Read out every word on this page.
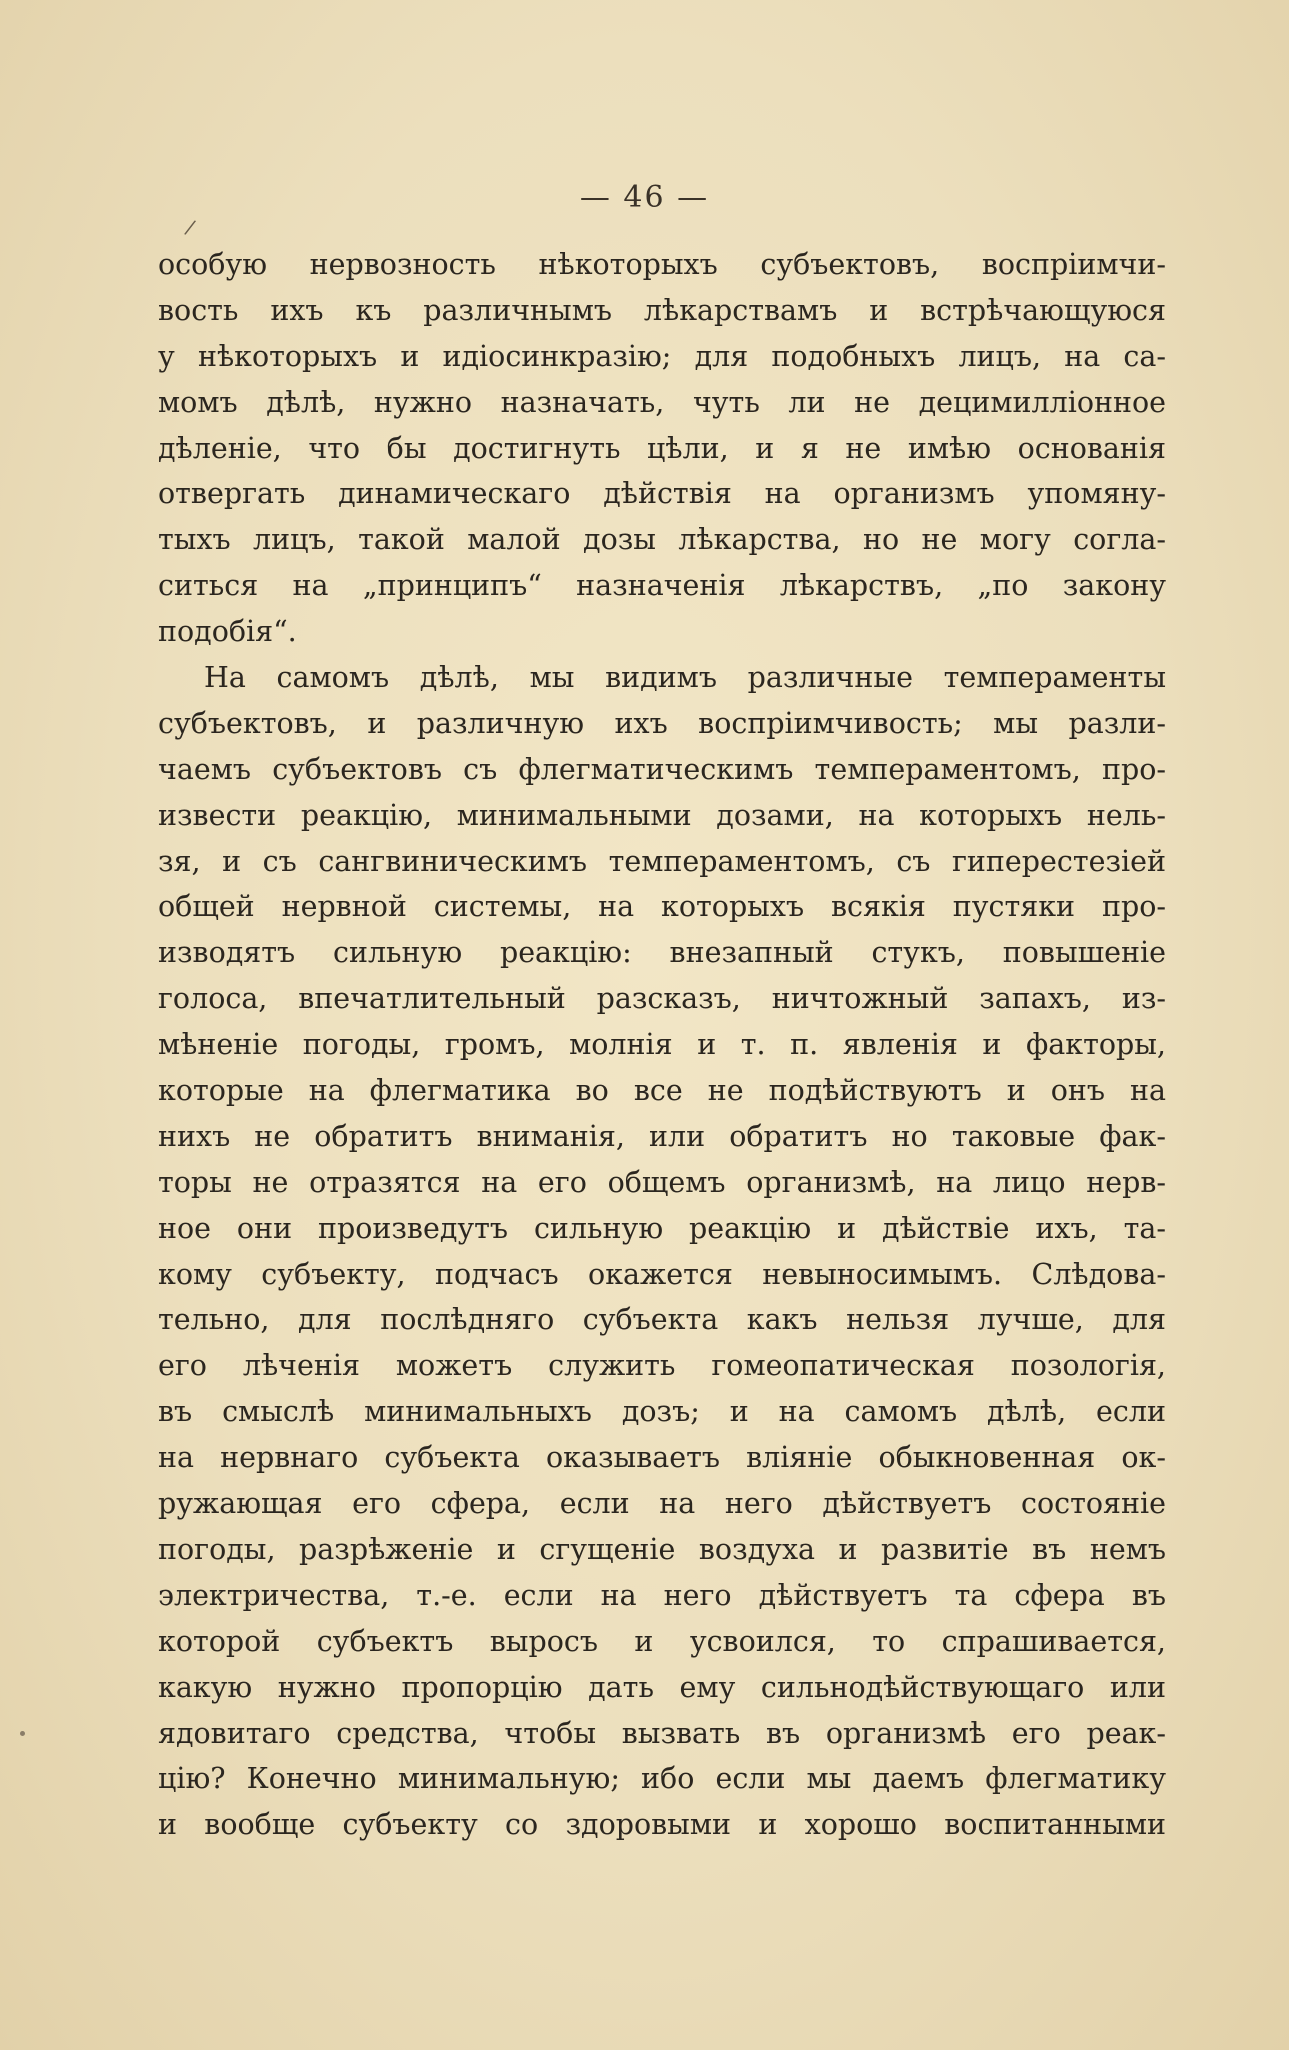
— 46 —
/
особую нервозность нѣкоторыхъ субъектовъ, воспріимчи-
вость ихъ къ различнымъ лѣкарствамъ и встрѣчающуюся
у нѣкоторыхъ и идіосинкразію; для подобныхъ лицъ, на са-
момъ дѣлѣ, нужно назначать, чуть ли не децимилліонное
дѣленіе, что бы достигнуть цѣли, и я не имѣю основанія
отвергать динамическаго дѣйствія на организмъ упомяну-
тыхъ лицъ, такой малой дозы лѣкарства, но не могу согла-
ситься на „принципъ“ назначенія лѣкарствъ, „по закону
подобія“.
На самомъ дѣлѣ, мы видимъ различные темпераменты
субъектовъ, и различную ихъ воспріимчивость; мы разли-
чаемъ субъектовъ съ флегматическимъ темпераментомъ, про-
извести реакцію, минимальными дозами, на которыхъ нель-
зя, и съ сангвиническимъ темпераментомъ, съ гиперестезіей
общей нервной системы, на которыхъ всякія пустяки про-
изводятъ сильную реакцію: внезапный стукъ, повышеніе
голоса, впечатлительный разсказъ, ничтожный запахъ, из-
мѣненіе погоды, громъ, молнія и т. п. явленія и факторы,
которые на флегматика во все не подѣйствуютъ и онъ на
нихъ не обратитъ вниманія, или обратитъ но таковые фак-
торы не отразятся на его общемъ организмѣ, на лицо нерв-
ное они произведутъ сильную реакцію и дѣйствіе ихъ, та-
кому субъекту, подчасъ окажется невыносимымъ. Слѣдова-
тельно, для послѣдняго субъекта какъ нельзя лучше, для
его лѣченія можетъ служить гомеопатическая позологія,
въ смыслѣ минимальныхъ дозъ; и на самомъ дѣлѣ, если
на нервнаго субъекта оказываетъ вліяніе обыкновенная ок-
ружающая его сфера, если на него дѣйствуетъ состояніе
погоды, разрѣженіе и сгущеніе воздуха и развитіе въ немъ
электричества, т.-е. если на него дѣйствуетъ та сфера въ
которой субъектъ выросъ и усвоился, то спрашивается,
какую нужно пропорцію дать ему сильнодѣйствующаго или
ядовитаго средства, чтобы вызвать въ организмѣ его реак-
цію? Конечно минимальную; ибо если мы даемъ флегматику
и вообще субъекту со здоровыми и хорошо воспитанными
